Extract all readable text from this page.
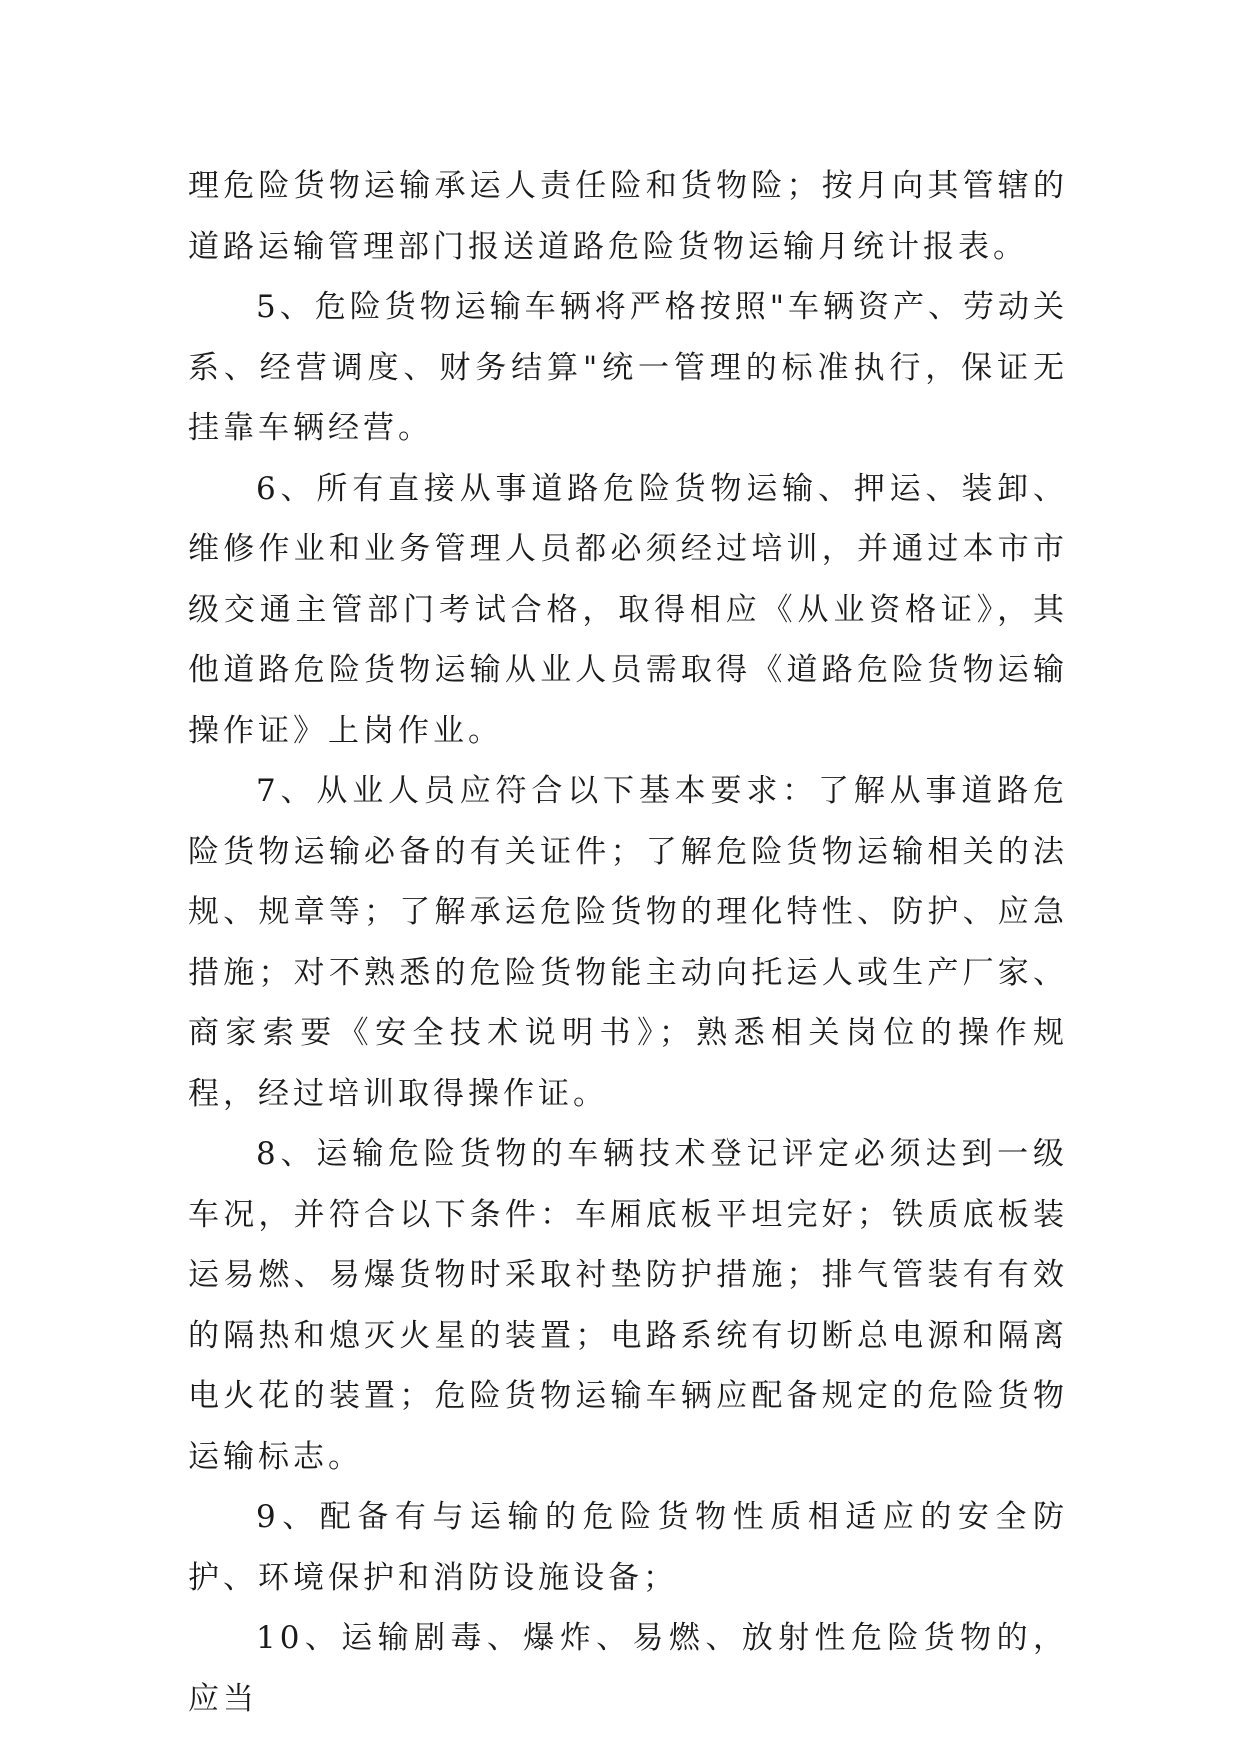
理危险货物运输承运人责任险和货物险；按月向其管辖的道路运输管理部门报送道路危险货物运输月统计报表。

5、危险货物运输车辆将严格按照"车辆资产、劳动关系、经营调度、财务结算"统一管理的标准执行，保证无挂靠车辆经营。

6、所有直接从事道路危险货物运输、押运、装卸、维修作业和业务管理人员都必须经过培训，并通过本市市级交通主管部门考试合格，取得相应《从业资格证》，其他道路危险货物运输从业人员需取得《道路危险货物运输操作证》上岗作业。

7、从业人员应符合以下基本要求：了解从事道路危险货物运输必备的有关证件；了解危险货物运输相关的法规、规章等；了解承运危险货物的理化特性、防护、应急措施；对不熟悉的危险货物能主动向托运人或生产厂家、商家索要《安全技术说明书》；熟悉相关岗位的操作规程，经过培训取得操作证。

8、运输危险货物的车辆技术登记评定必须达到一级车况，并符合以下条件：车厢底板平坦完好；铁质底板装运易燃、易爆货物时采取衬垫防护措施；排气管装有有效的隔热和熄灭火星的装置；电路系统有切断总电源和隔离电火花的装置；危险货物运输车辆应配备规定的危险货物运输标志。

9、配备有与运输的危险货物性质相适应的安全防护、环境保护和消防设施设备；

10、运输剧毒、爆炸、易燃、放射性危险货物的，应当
